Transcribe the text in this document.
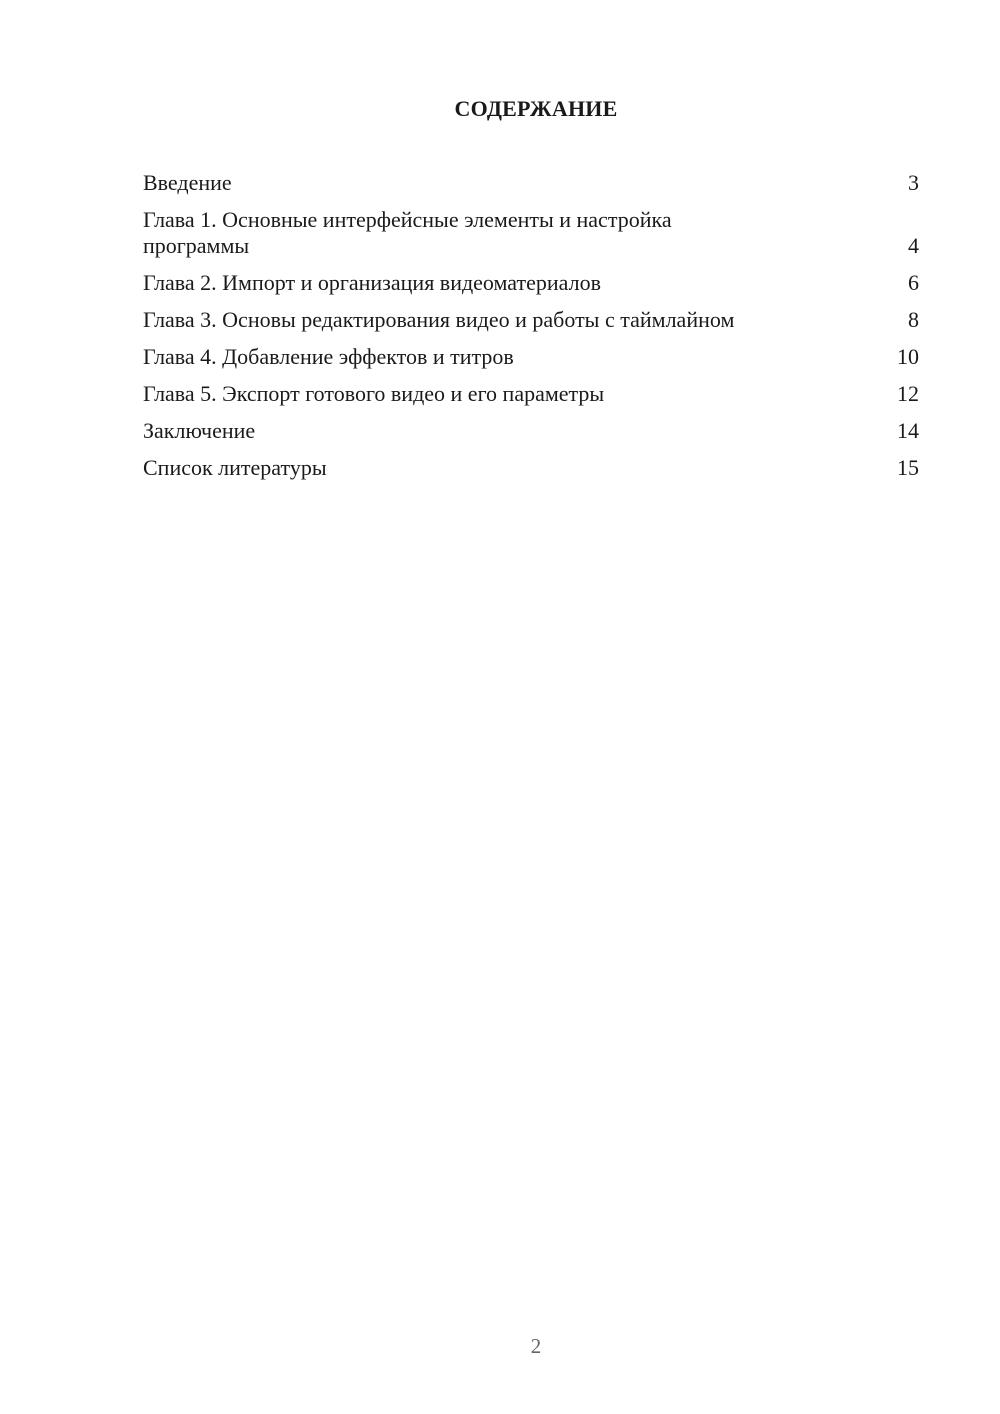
СОДЕРЖАНИЕ
Введение	3
Глава 1. Основные интерфейсные элементы и настройка программы	4
Глава 2. Импорт и организация видеоматериалов	6
Глава 3. Основы редактирования видео и работы с таймлайном	8
Глава 4. Добавление эффектов и титров	10
Глава 5. Экспорт готового видео и его параметры	12
Заключение	14
Список литературы	15
2
